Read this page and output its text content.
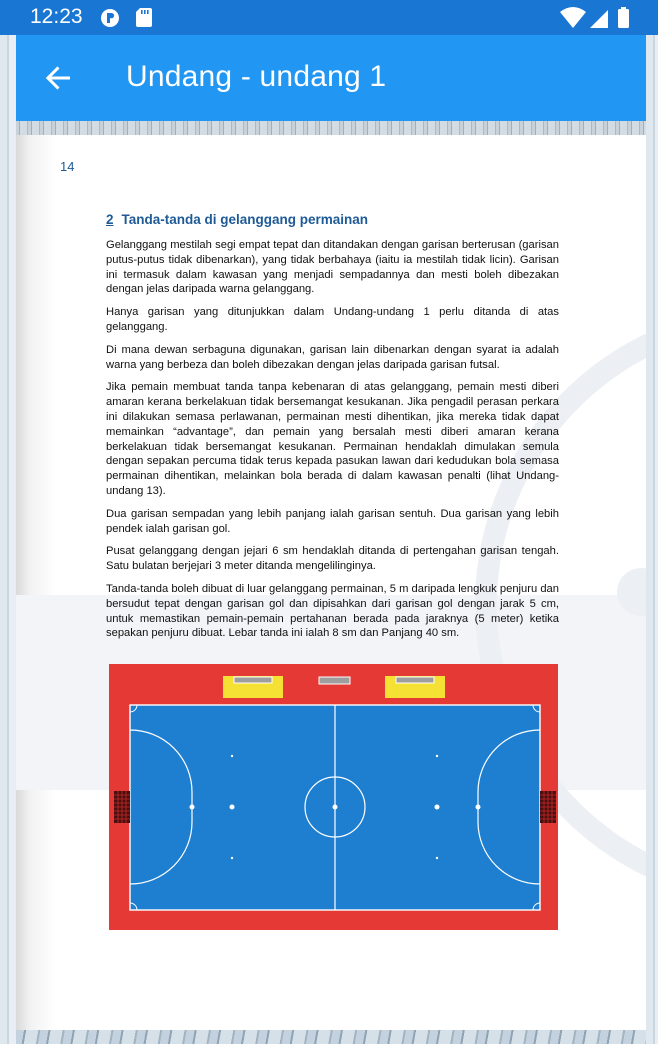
12:23
Undang - undang 1
14
2 Tanda-tanda di gelanggang permainan

Gelanggang mestilah segi empat tepat dan ditandakan dengan garisan berterusan (garisan putus-putus tidak dibenarkan), yang tidak berbahaya (iaitu ia mestilah tidak licin). Garisan ini termasuk dalam kawasan yang menjadi sempadannya dan mesti boleh dibezakan dengan jelas daripada warna gelanggang.

Hanya garisan yang ditunjukkan dalam Undang-undang 1 perlu ditanda di atas gelanggang.

Di mana dewan serbaguna digunakan, garisan lain dibenarkan dengan syarat ia adalah warna yang berbeza dan boleh dibezakan dengan jelas daripada garisan futsal.

Jika pemain membuat tanda tanpa kebenaran di atas gelanggang, pemain mesti diberi amaran kerana berkelakuan tidak bersemangat kesukanan. Jika pengadil perasan perkara ini dilakukan semasa perlawanan, permainan mesti dihentikan, jika mereka tidak dapat memainkan “advantage”, dan pemain yang bersalah mesti diberi amaran kerana berkelakuan tidak bersemangat kesukanan. Permainan hendaklah dimulakan semula dengan sepakan percuma tidak terus kepada pasukan lawan dari kedudukan bola semasa permainan dihentikan, melainkan bola berada di dalam kawasan penalti (lihat Undang-undang 13).

Dua garisan sempadan yang lebih panjang ialah garisan sentuh. Dua garisan yang lebih pendek ialah garisan gol.

Pusat gelanggang dengan jejari 6 sm hendaklah ditanda di pertengahan garisan tengah. Satu bulatan berjejari 3 meter ditanda mengelilinginya.

Tanda-tanda boleh dibuat di luar gelanggang permainan, 5 m daripada lengkuk penjuru dan bersudut tepat dengan garisan gol dan dipisahkan dari garisan gol dengan jarak 5 cm, untuk memastikan pemain-pemain pertahanan berada pada jaraknya (5 meter) ketika sepakan penjuru dibuat. Lebar tanda ini ialah 8 sm dan Panjang 40 sm.
